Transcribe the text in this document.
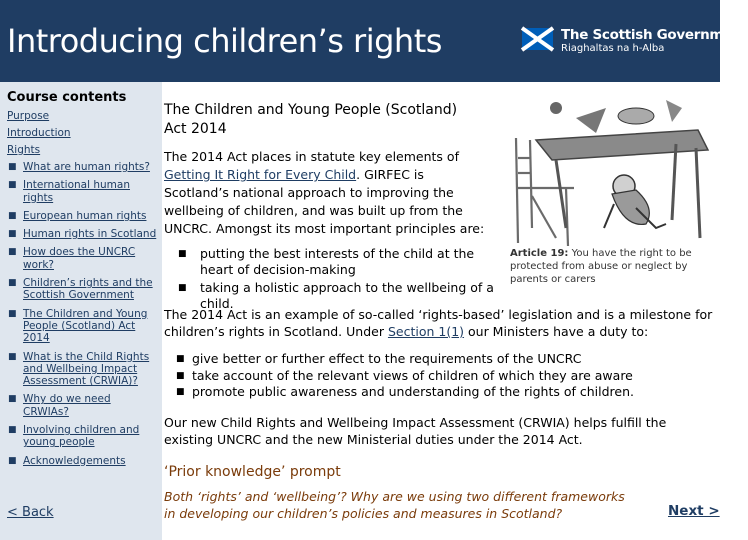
Introducing children’s rights	The Scottish Government
Riaghaltas na h-Alba
Course contents
Purpose
Introduction
Rights
■ What are human rights?
■ International human rights
■ European human rights
■ Human rights in Scotland
■ How does the UNCRC work?
■ Children’s rights and the Scottish Government
■ The Children and Young People (Scotland) Act 2014
■ What is the Child Rights and Wellbeing Impact Assessment (CRWIA)?
■ Why do we need CRWIAs?
■ Involving children and young people
■ Acknowledgements
< Back
The Children and Young People (Scotland) Act 2014
The 2014 Act places in statute key elements of Getting It Right for Every Child. GIRFEC is Scotland’s national approach to improving the wellbeing of children, and was built up from the UNCRC. Amongst its most important principles are:
■ putting the best interests of the child at the heart of decision-making
■ taking a holistic approach to the wellbeing of a child.
Article 19: You have the right to be protected from abuse or neglect by parents or carers
The 2014 Act is an example of so-called ‘rights-based’ legislation and is a milestone for children’s rights in Scotland. Under Section 1(1) our Ministers have a duty to:
■ give better or further effect to the requirements of the UNCRC
■ take account of the relevant views of children of which they are aware
■ promote public awareness and understanding of the rights of children.
Our new Child Rights and Wellbeing Impact Assessment (CRWIA) helps fulfill the existing UNCRC and the new Ministerial duties under the 2014 Act.
‘Prior knowledge’ prompt
Both ‘rights’ and ‘wellbeing’? Why are we using two different frameworks in developing our children’s policies and measures in Scotland?	Next >
